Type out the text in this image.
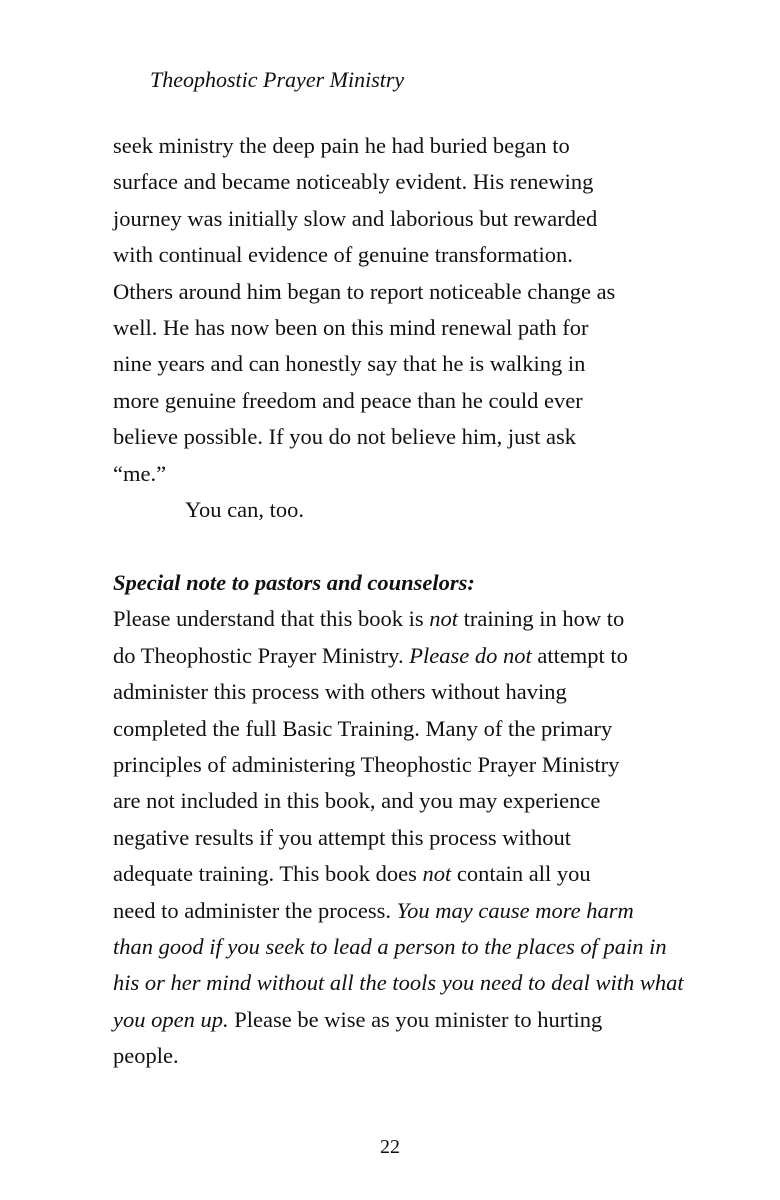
Theophostic Prayer Ministry
seek ministry the deep pain he had buried began to
surface and became noticeably evident. His renewing
journey was initially slow and laborious but rewarded
with continual evidence of genuine transformation.
Others around him began to report noticeable change as
well. He has now been on this mind renewal path for
nine years and can honestly say that he is walking in
more genuine freedom and peace than he could ever
believe possible. If you do not believe him, just ask
“me.”
You can, too.
Special note to pastors and counselors:
Please understand that this book is not training in how to
do Theophostic Prayer Ministry. Please do not attempt to
administer this process with others without having
completed the full Basic Training. Many of the primary
principles of administering Theophostic Prayer Ministry
are not included in this book, and you may experience
negative results if you attempt this process without
adequate training. This book does not contain all you
need to administer the process. You may cause more harm
than good if you seek to lead a person to the places of pain in
his or her mind without all the tools you need to deal with what
you open up. Please be wise as you minister to hurting
people.
22
